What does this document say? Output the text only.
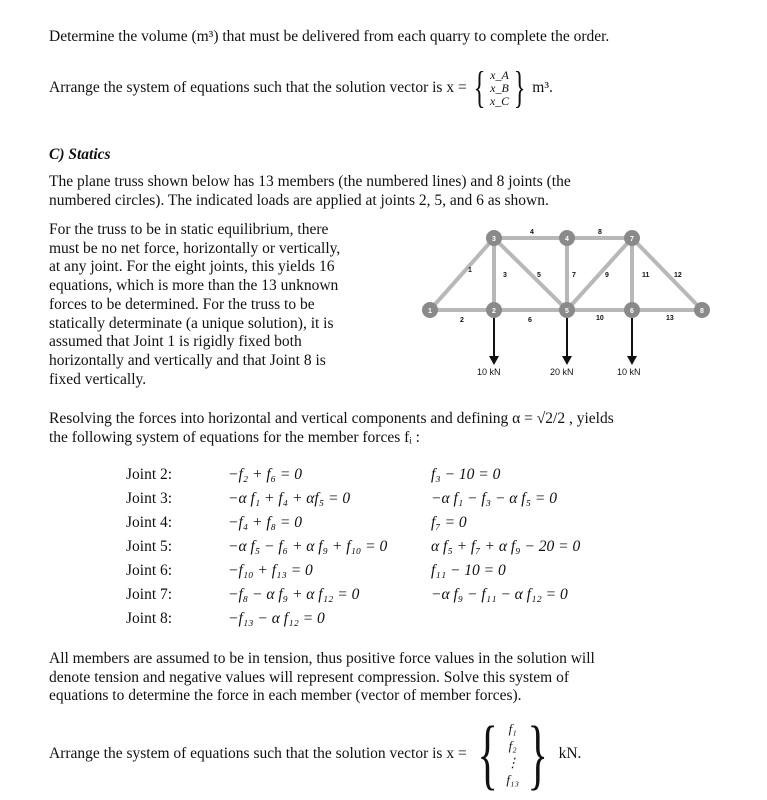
Determine the volume (m³) that must be delivered from each quarry to complete the order.
Arrange the system of equations such that the solution vector is x = { x_A
x_B
x_C } m³.
C) Statics
The plane truss shown below has 13 members (the numbered lines) and 8 joints (the
numbered circles). The indicated loads are applied at joints 2, 5, and 6 as shown.
For the truss to be in static equilibrium, there
must be no net force, horizontally or vertically,
at any joint. For the eight joints, this yields 16
equations, which is more than the 13 unknown
forces to be determined. For the truss to be
statically determinate (a unique solution), it is
assumed that Joint 1 is rigidly fixed both
horizontally and vertically and that Joint 8 is
fixed vertically.
1
2
3
4
5
6
7
8
9
10
11	12
13
10 kN	20 kN	10 kN
1	2
3	4
5	6
7
8
Resolving the forces into horizontal and vertical components and defining α = √2/2 , yields
the following system of equations for the member forces fᵢ :
Joint 2:	−f₂ + f₆ = 0	f₃ − 10 = 0
Joint 3:	−α f₁ + f₄ + αf₅ = 0	−α f₁ − f₃ − α f₅ = 0
Joint 4:	−f₄ + f₈ = 0	f₇ = 0
Joint 5:	−α f₅ − f₆ + α f₉ + f₁₀ = 0	α f₅ + f₇ + α f₉ − 20 = 0
Joint 6:	−f₁₀ + f₁₃ = 0	f₁₁ − 10 = 0
Joint 7:	−f₈ − α f₉ + α f₁₂ = 0	−α f₉ − f₁₁ − α f₁₂ = 0
Joint 8:	−f₁₃ − α f₁₂ = 0
All members are assumed to be in tension, thus positive force values in the solution will
denote tension and negative values will represent compression. Solve this system of
equations to determine the force in each member (vector of member forces).
Arrange the system of equations such that the solution vector is x = { f₁
f₂
⋮
f₁₃ } kN.
